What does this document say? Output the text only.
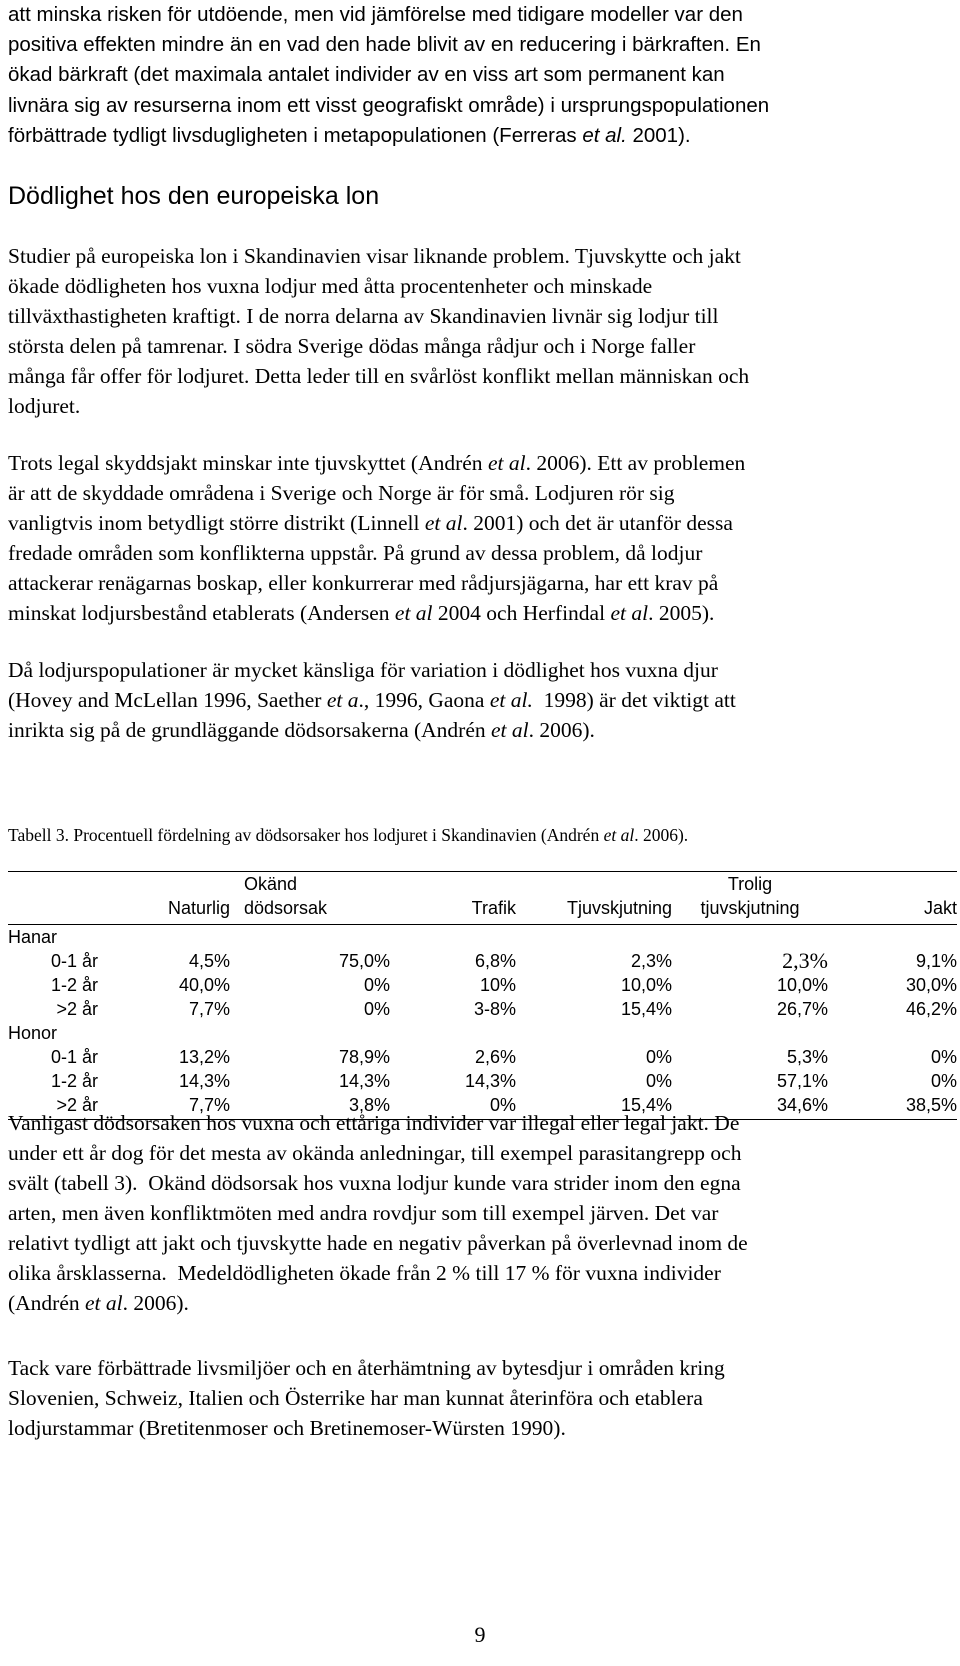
att minska risken för utdöende, men vid jämförelse med tidigare modeller var den
positiva effekten mindre än en vad den hade blivit av en reducering i bärkraften. En
ökad bärkraft (det maximala antalet individer av en viss art som permanent kan
livnära sig av resurserna inom ett visst geografiskt område) i ursprungspopulationen
förbättrade tydligt livsdugligheten i metapopulationen (Ferreras et al. 2001).
Dödlighet hos den europeiska lon
Studier på europeiska lon i Skandinavien visar liknande problem. Tjuvskytte och jakt
ökade dödligheten hos vuxna lodjur med åtta procentenheter och minskade
tillväxthastigheten kraftigt. I de norra delarna av Skandinavien livnär sig lodjur till
största delen på tamrenar. I södra Sverige dödas många rådjur och i Norge faller
många får offer för lodjuret. Detta leder till en svårlöst konflikt mellan människan och
lodjuret.
Trots legal skyddsjakt minskar inte tjuvskyttet (Andrén et al. 2006). Ett av problemen
är att de skyddade områdena i Sverige och Norge är för små. Lodjuren rör sig
vanligtvis inom betydligt större distrikt (Linnell et al. 2001) och det är utanför dessa
fredade områden som konflikterna uppstår. På grund av dessa problem, då lodjur
attackerar renägarnas boskap, eller konkurrerar med rådjursjägarna, har ett krav på
minskat lodjursbestånd etablerats (Andersen et al 2004 och Herfindal et al. 2005).
Då lodjurspopulationer är mycket känsliga för variation i dödlighet hos vuxna djur
(Hovey and McLellan 1996, Saether et a., 1996, Gaona et al.  1998) är det viktigt att
inrikta sig på de grundläggande dödsorsakerna (Andrén et al. 2006).
Tabell 3. Procentuell fördelning av dödsorsaker hos lodjuret i Skandinavien (Andrén et al. 2006).
		Okänd			Trolig	
	Naturlig	dödsorsak	Trafik	Tjuvskjutning	tjuvskjutning	Jakt
Hanar						
0-1 år	4,5%	75,0%	6,8%	2,3%	2,3%	9,1%
1-2 år	40,0%	0%	10%	10,0%	10,0%	30,0%
>2 år	7,7%	0%	3-8%	15,4%	26,7%	46,2%
Honor						
0-1 år	13,2%	78,9%	2,6%	0%	5,3%	0%
1-2 år	14,3%	14,3%	14,3%	0%	57,1%	0%
>2 år	7,7%	3,8%	0%	15,4%	34,6%	38,5%
Vanligast dödsorsaken hos vuxna och ettåriga individer var illegal eller legal jakt. De
under ett år dog för det mesta av okända anledningar, till exempel parasitangrepp och
svält (tabell 3).  Okänd dödsorsak hos vuxna lodjur kunde vara strider inom den egna
arten, men även konfliktmöten med andra rovdjur som till exempel järven. Det var
relativt tydligt att jakt och tjuvskytte hade en negativ påverkan på överlevnad inom de
olika årsklasserna.  Medeldödligheten ökade från 2 % till 17 % för vuxna individer
(Andrén et al. 2006).
Tack vare förbättrade livsmiljöer och en återhämtning av bytesdjur i områden kring
Slovenien, Schweiz, Italien och Österrike har man kunnat återinföra och etablera
lodjurstammar (Bretitenmoser och Bretinemoser-Würsten 1990).
9
